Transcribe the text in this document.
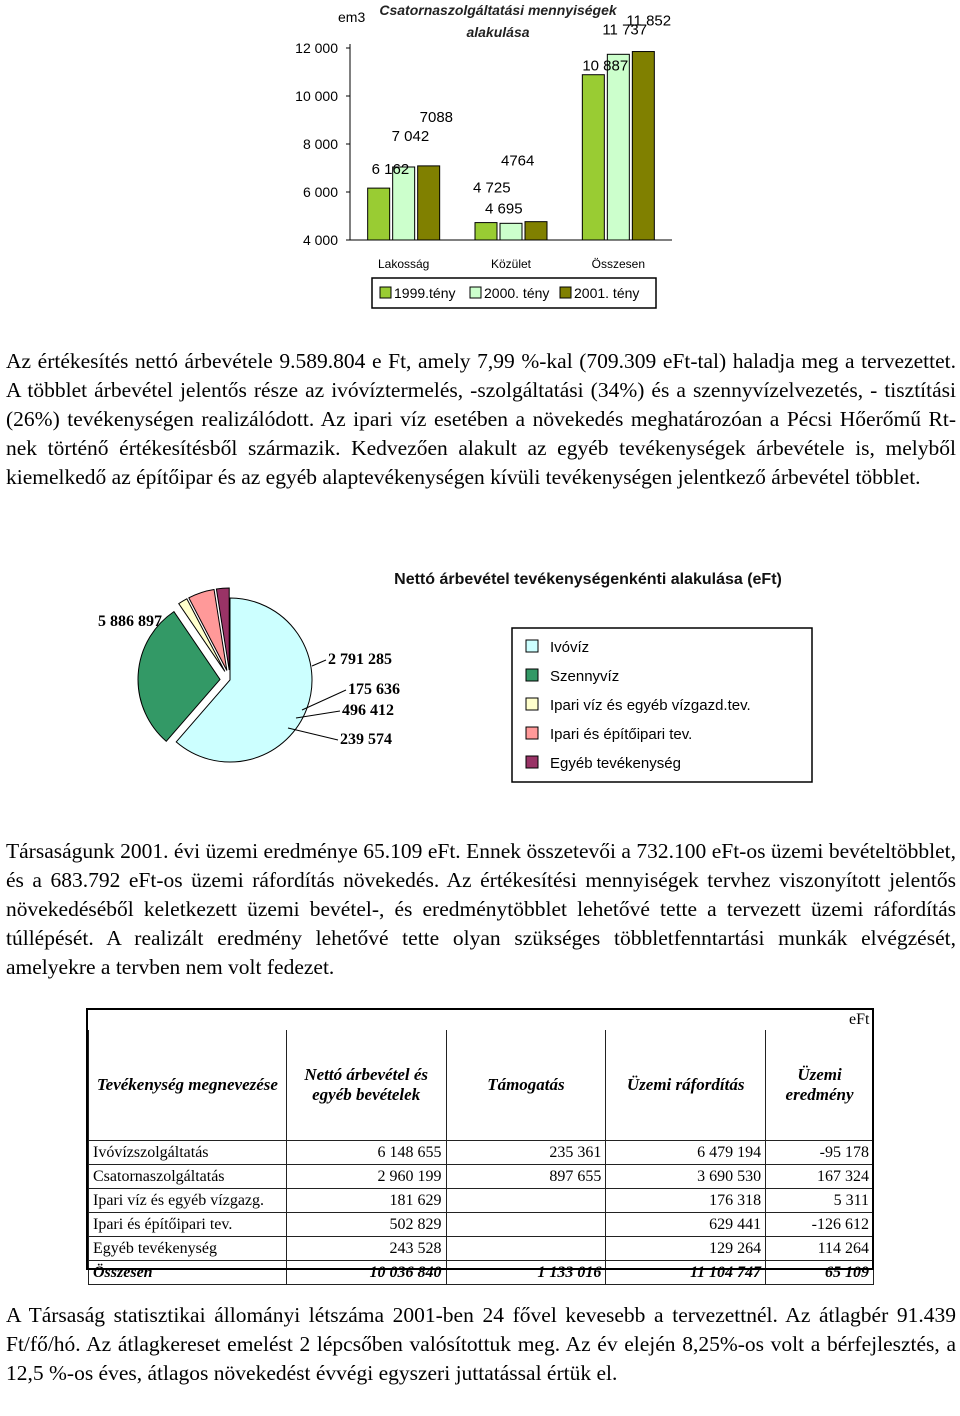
em3 Csatornaszolgáltatási mennyiségek alakulása
4 000
6 000
8 000
10 000
12 000
6 162
7 042
7088
4 725
4 695
4764
10 887
11 737
11 852
Lakosság	Közület	Összesen
1999.tény 2000. tény 2001. tény

Az értékesítés nettó árbevétele 9.589.804 e Ft, amely 7,99 %-kal (709.309 eFt-tal) haladja meg a tervezettet. A többlet árbevétel jelentős része az ivóvíztermelés, -szolgáltatási (34%) és a szennyvízelvezetés, - tisztítási (26%) tevékenységen realizálódott. Az ipari víz esetében a növekedés meghatározóan a Pécsi Hőerőmű Rt-nek történő értékesítésből származik. Kedvezően alakult az egyéb tevékenységek árbevétele is, melyből kiemelkedő az építőipar és az egyéb alaptevékenységen kívüli tevékenységen jelentkező árbevétel többlet.

Nettó árbevétel tevékenységenkénti alakulása (eFt)
5 886 897
2 791 285
175 636
496 412
239 574
Ivóvíz
Szennyvíz
Ipari víz és egyéb vízgazd.tev.
Ipari és építőipari tev.
Egyéb tevékenység

Társaságunk 2001. évi üzemi eredménye 65.109 eFt. Ennek összetevői a 732.100 eFt-os üzemi bevételtöbblet, és a 683.792 eFt-os üzemi ráfordítás növekedés. Az értékesítési mennyiségek tervhez viszonyított jelentős növekedéséből keletkezett üzemi bevétel-, és eredménytöbblet lehetővé tette a tervezett üzemi ráfordítás túllépését. A realizált eredmény lehetővé tette olyan szükséges többletfenntartási munkák elvégzését, amelyekre a tervben nem volt fedezet.

eFt				
Tevékenység megnevezése	Nettó árbevétel és egyéb bevételek	Támogatás	Üzemi ráfordítás	Üzemi eredmény
Ivóvízszolgáltatás	6 148 655	235 361	6 479 194	-95 178
Csatornaszolgáltatás	2 960 199	897 655	3 690 530	167 324
Ipari víz és egyéb vízgazg.	181 629		176 318	5 311
Ipari és építőipari tev.	502 829		629 441	-126 612
Egyéb tevékenység	243 528		129 264	114 264
Összesen	10 036 840	1 133 016	11 104 747	65 109

A Társaság statisztikai állományi létszáma 2001-ben 24 fővel kevesebb a tervezettnél. Az átlagbér 91.439 Ft/fő/hó. Az átlagkereset emelést 2 lépcsőben valósítottuk meg. Az év elején 8,25%-os volt a bérfejlesztés, a 12,5 %-os éves, átlagos növekedést évvégi egyszeri juttatással értük el.
